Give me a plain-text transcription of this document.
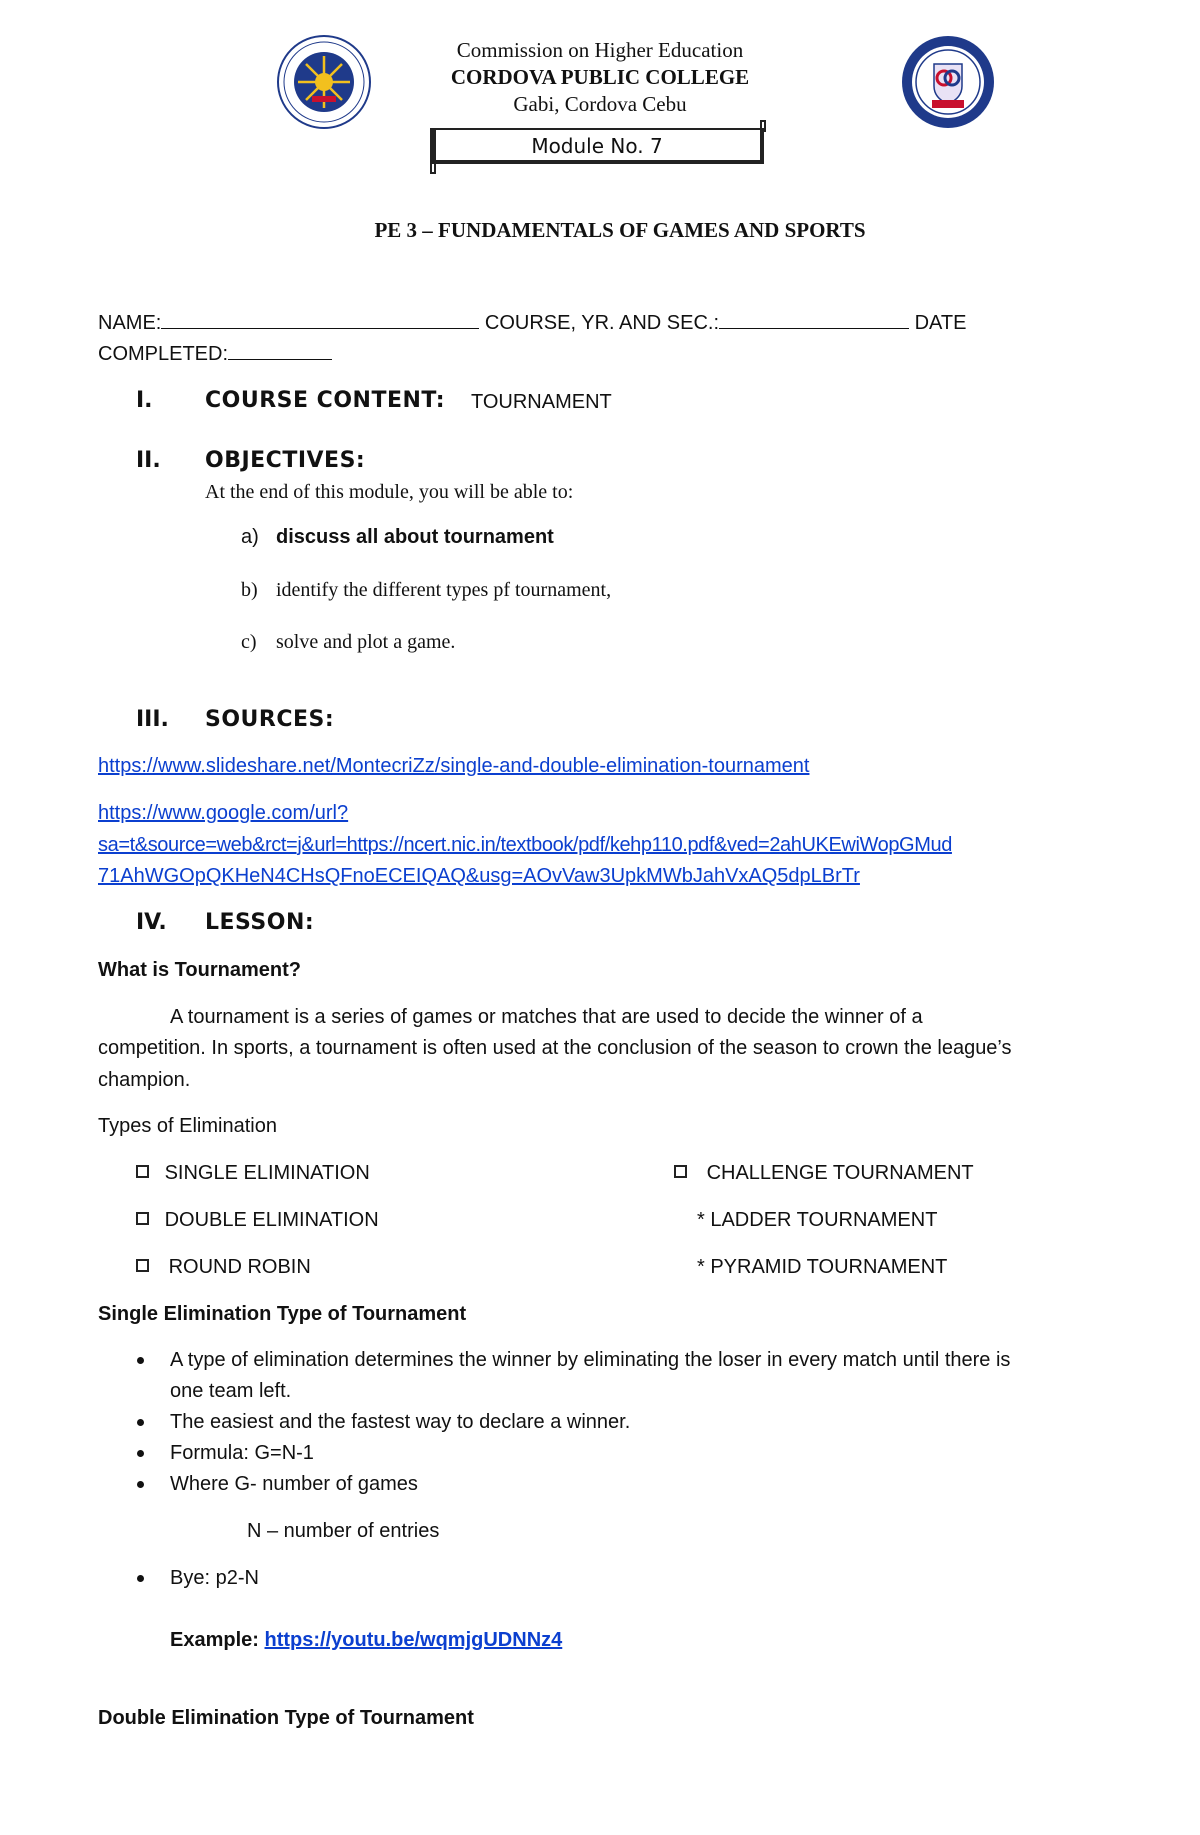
Commission on Higher Education
CORDOVA PUBLIC COLLEGE
Gabi, Cordova Cebu
Module No. 7
PE 3 – FUNDAMENTALS OF GAMES AND SPORTS
NAME:	COURSE, YR. AND SEC.:	DATE
COMPLETED:
I. COURSE CONTENT: TOURNAMENT
II. OBJECTIVES:
At the end of this module, you will be able to:
a) discuss all about tournament
b) identify the different types pf tournament,
c) solve and plot a game.
III. SOURCES:
https://www.slideshare.net/MontecriZz/single-and-double-elimination-tournament
https://www.google.com/url?
sa=t&source=web&rct=j&url=https://ncert.nic.in/textbook/pdf/kehp110.pdf&ved=2ahUKEwiWopGMud
71AhWGOpQKHeN4CHsQFnoECEIQAQ&usg=AOvVaw3UpkMWbJahVxAQ5dpLBrTr
IV. LESSON:
What is Tournament?
A tournament is a series of games or matches that are used to decide the winner of a
competition. In sports, a tournament is often used at the conclusion of the season to crown the league’s
champion.
Types of Elimination
SINGLE ELIMINATION
DOUBLE ELIMINATION
ROUND ROBIN
CHALLENGE TOURNAMENT
* LADDER TOURNAMENT
* PYRAMID TOURNAMENT
Single Elimination Type of Tournament
A type of elimination determines the winner by eliminating the loser in every match until there is
one team left.
The easiest and the fastest way to declare a winner.
Formula: G=N-1
Where G- number of games
N – number of entries
Bye: p2-N
Example: https://youtu.be/wqmjgUDNNz4
Double Elimination Type of Tournament
